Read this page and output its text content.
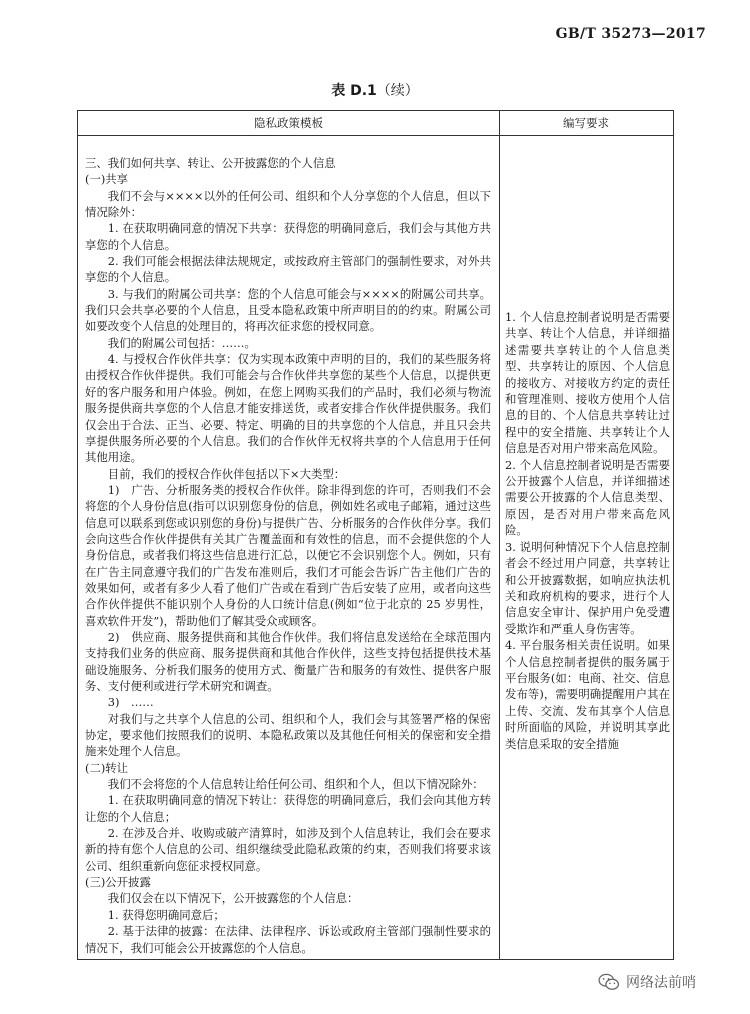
GB/T 35273—2017
表 D.1（续）
隐私政策模板	编写要求

三、我们如何共享、转让、公开披露您的个人信息

(一)共享

我们不会与××××以外的任何公司、组织和个人分享您的个人信息，但以下情况除外：

1. 在获取明确同意的情况下共享：获得您的明确同意后，我们会与其他方共享您的个人信息。

2. 我们可能会根据法律法规规定，或按政府主管部门的强制性要求，对外共享您的个人信息。

3. 与我们的附属公司共享：您的个人信息可能会与××××的附属公司共享。我们只会共享必要的个人信息，且受本隐私政策中所声明目的的约束。附属公司如要改变个人信息的处理目的，将再次征求您的授权同意。

我们的附属公司包括：……。

4. 与授权合作伙伴共享：仅为实现本政策中声明的目的，我们的某些服务将由授权合作伙伴提供。我们可能会与合作伙伴共享您的某些个人信息，以提供更好的客户服务和用户体验。例如，在您上网购买我们的产品时，我们必须与物流服务提供商共享您的个人信息才能安排送货，或者安排合作伙伴提供服务。我们仅会出于合法、正当、必要、特定、明确的目的共享您的个人信息，并且只会共享提供服务所必要的个人信息。我们的合作伙伴无权将共享的个人信息用于任何其他用途。

目前，我们的授权合作伙伴包括以下×大类型：

1)　广告、分析服务类的授权合作伙伴。除非得到您的许可，否则我们不会将您的个人身份信息(指可以识别您身份的信息，例如姓名或电子邮箱，通过这些信息可以联系到您或识别您的身份)与提供广告、分析服务的合作伙伴分享。我们会向这些合作伙伴提供有关其广告覆盖面和有效性的信息，而不会提供您的个人身份信息，或者我们将这些信息进行汇总，以便它不会识别您个人。例如，只有在广告主同意遵守我们的广告发布准则后，我们才可能会告诉广告主他们广告的效果如何，或者有多少人看了他们广告或在看到广告后安装了应用，或者向这些合作伙伴提供不能识别个人身份的人口统计信息(例如“位于北京的 25 岁男性，喜欢软件开发”)，帮助他们了解其受众或顾客。

2)　供应商、服务提供商和其他合作伙伴。我们将信息发送给在全球范围内支持我们业务的供应商、服务提供商和其他合作伙伴，这些支持包括提供技术基础设施服务、分析我们服务的使用方式、衡量广告和服务的有效性、提供客户服务、支付便利或进行学术研究和调查。

3)　……

对我们与之共享个人信息的公司、组织和个人，我们会与其签署严格的保密协定，要求他们按照我们的说明、本隐私政策以及其他任何相关的保密和安全措施来处理个人信息。

(二)转让

我们不会将您的个人信息转让给任何公司、组织和个人，但以下情况除外：

1. 在获取明确同意的情况下转让：获得您的明确同意后，我们会向其他方转让您的个人信息；

2. 在涉及合并、收购或破产清算时，如涉及到个人信息转让，我们会在要求新的持有您个人信息的公司、组织继续受此隐私政策的约束，否则我们将要求该公司、组织重新向您征求授权同意。

(三)公开披露

我们仅会在以下情况下，公开披露您的个人信息：

1. 获得您明确同意后；

2. 基于法律的披露：在法律、法律程序、诉讼或政府主管部门强制性要求的情况下，我们可能会公开披露您的个人信息。

1. 个人信息控制者说明是否需要共享、转让个人信息，并详细描述需要共享转让的个人信息类型、共享转让的原因、个人信息的接收方、对接收方约定的责任和管理准则、接收方使用个人信息的目的、个人信息共享转让过程中的安全措施、共享转让个人信息是否对用户带来高危风险。

2. 个人信息控制者说明是否需要公开披露个人信息，并详细描述需要公开披露的个人信息类型、原因，是否对用户带来高危风险。

3. 说明何种情况下个人信息控制者会不经过用户同意，共享转让和公开披露数据，如响应执法机关和政府机构的要求，进行个人信息安全审计、保护用户免受遭受欺诈和严重人身伤害等。

4. 平台服务相关责任说明。如果个人信息控制者提供的服务属于平台服务(如：电商、社交、信息发布等)，需要明确提醒用户其在上传、交流、发布其享个人信息时所面临的风险，并说明其享此类信息采取的安全措施

网络法前哨
